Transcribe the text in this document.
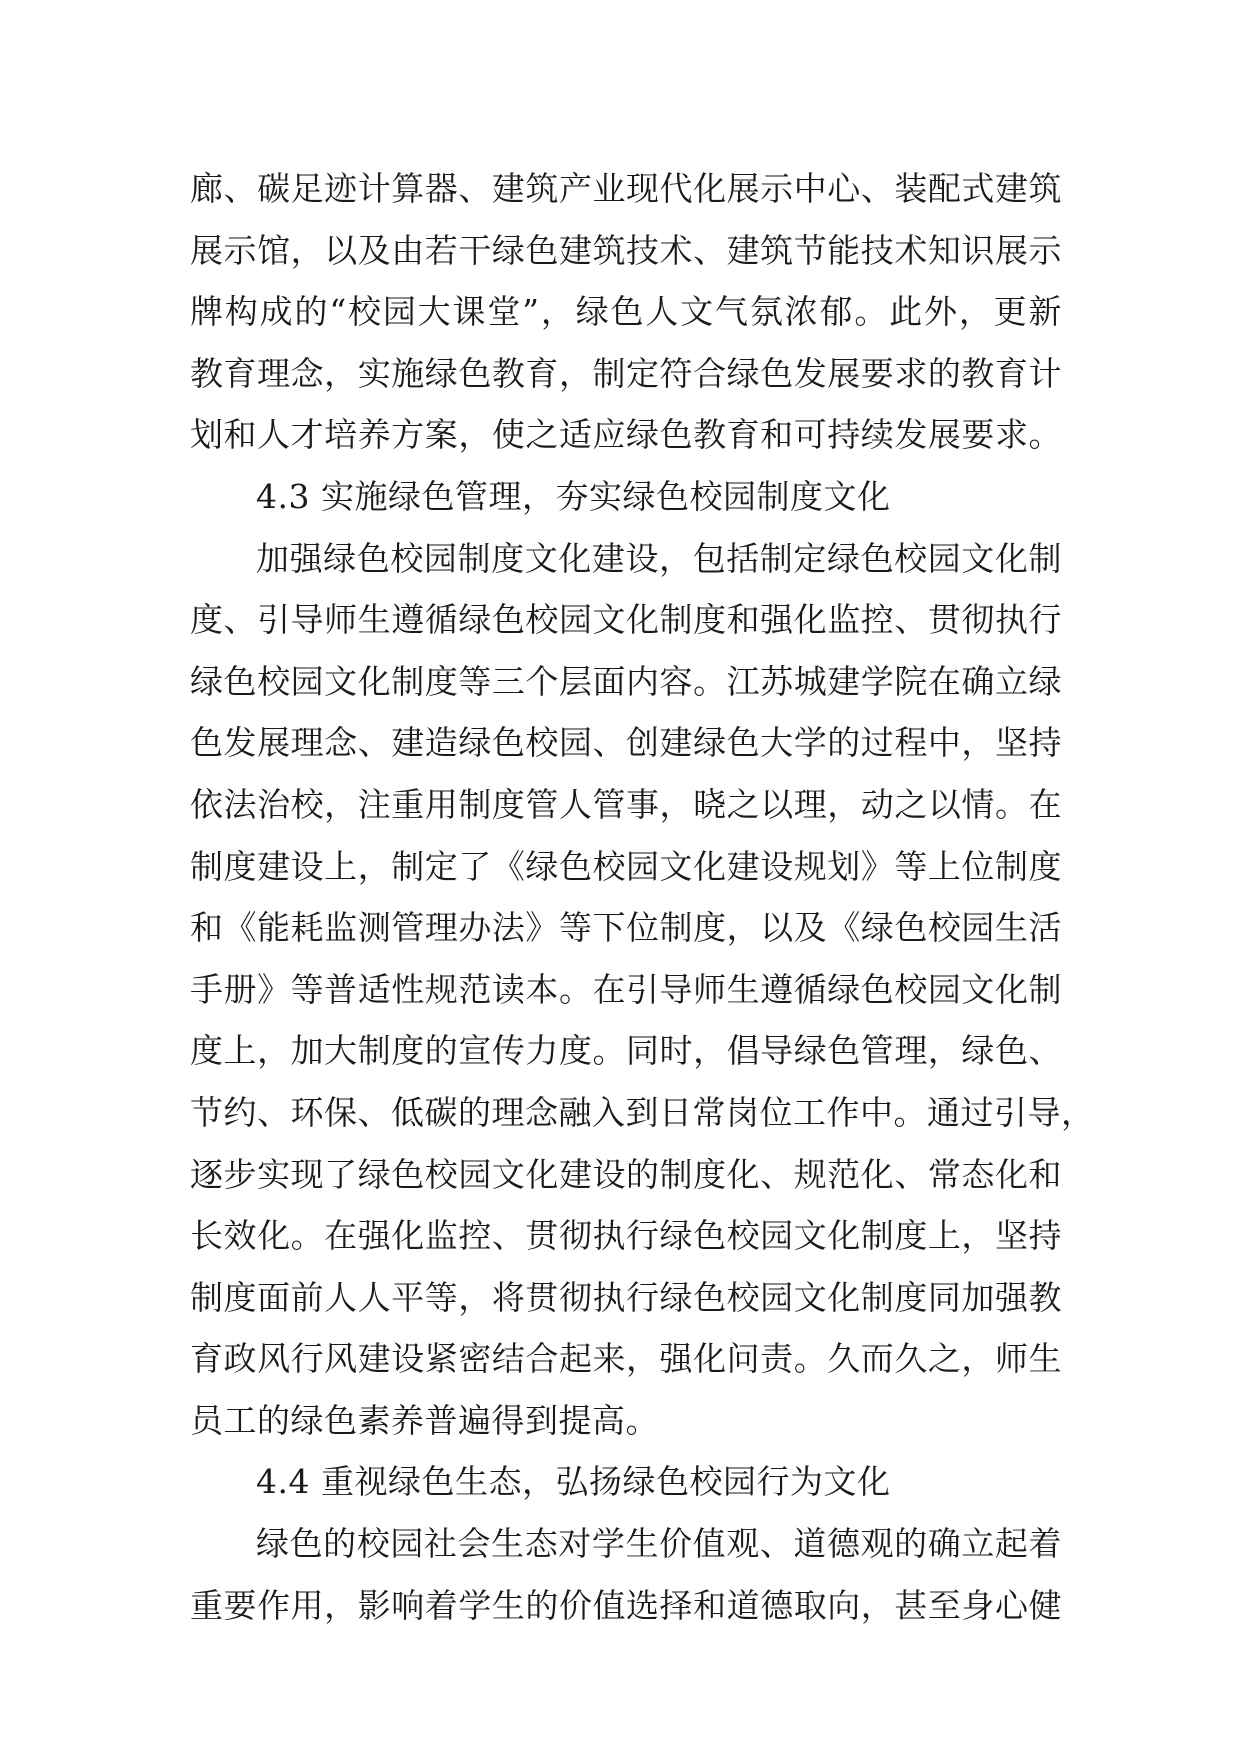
廊、碳足迹计算器、建筑产业现代化展示中心、装配式建筑
展示馆，以及由若干绿色建筑技术、建筑节能技术知识展示
牌构成的“校园大课堂”，绿色人文气氛浓郁。此外，更新
教育理念，实施绿色教育，制定符合绿色发展要求的教育计
划和人才培养方案，使之适应绿色教育和可持续发展要求。
4.3 实施绿色管理，夯实绿色校园制度文化
加强绿色校园制度文化建设，包括制定绿色校园文化制
度、引导师生遵循绿色校园文化制度和强化监控、贯彻执行
绿色校园文化制度等三个层面内容。江苏城建学院在确立绿
色发展理念、建造绿色校园、创建绿色大学的过程中，坚持
依法治校，注重用制度管人管事，晓之以理，动之以情。在
制度建设上，制定了《绿色校园文化建设规划》等上位制度
和《能耗监测管理办法》等下位制度，以及《绿色校园生活
手册》等普适性规范读本。在引导师生遵循绿色校园文化制
度上，加大制度的宣传力度。同时，倡导绿色管理，绿色、
节约、环保、低碳的理念融入到日常岗位工作中。通过引导，
逐步实现了绿色校园文化建设的制度化、规范化、常态化和
长效化。在强化监控、贯彻执行绿色校园文化制度上，坚持
制度面前人人平等，将贯彻执行绿色校园文化制度同加强教
育政风行风建设紧密结合起来，强化问责。久而久之，师生
员工的绿色素养普遍得到提高。
4.4 重视绿色生态，弘扬绿色校园行为文化
绿色的校园社会生态对学生价值观、道德观的确立起着
重要作用，影响着学生的价值选择和道德取向，甚至身心健
